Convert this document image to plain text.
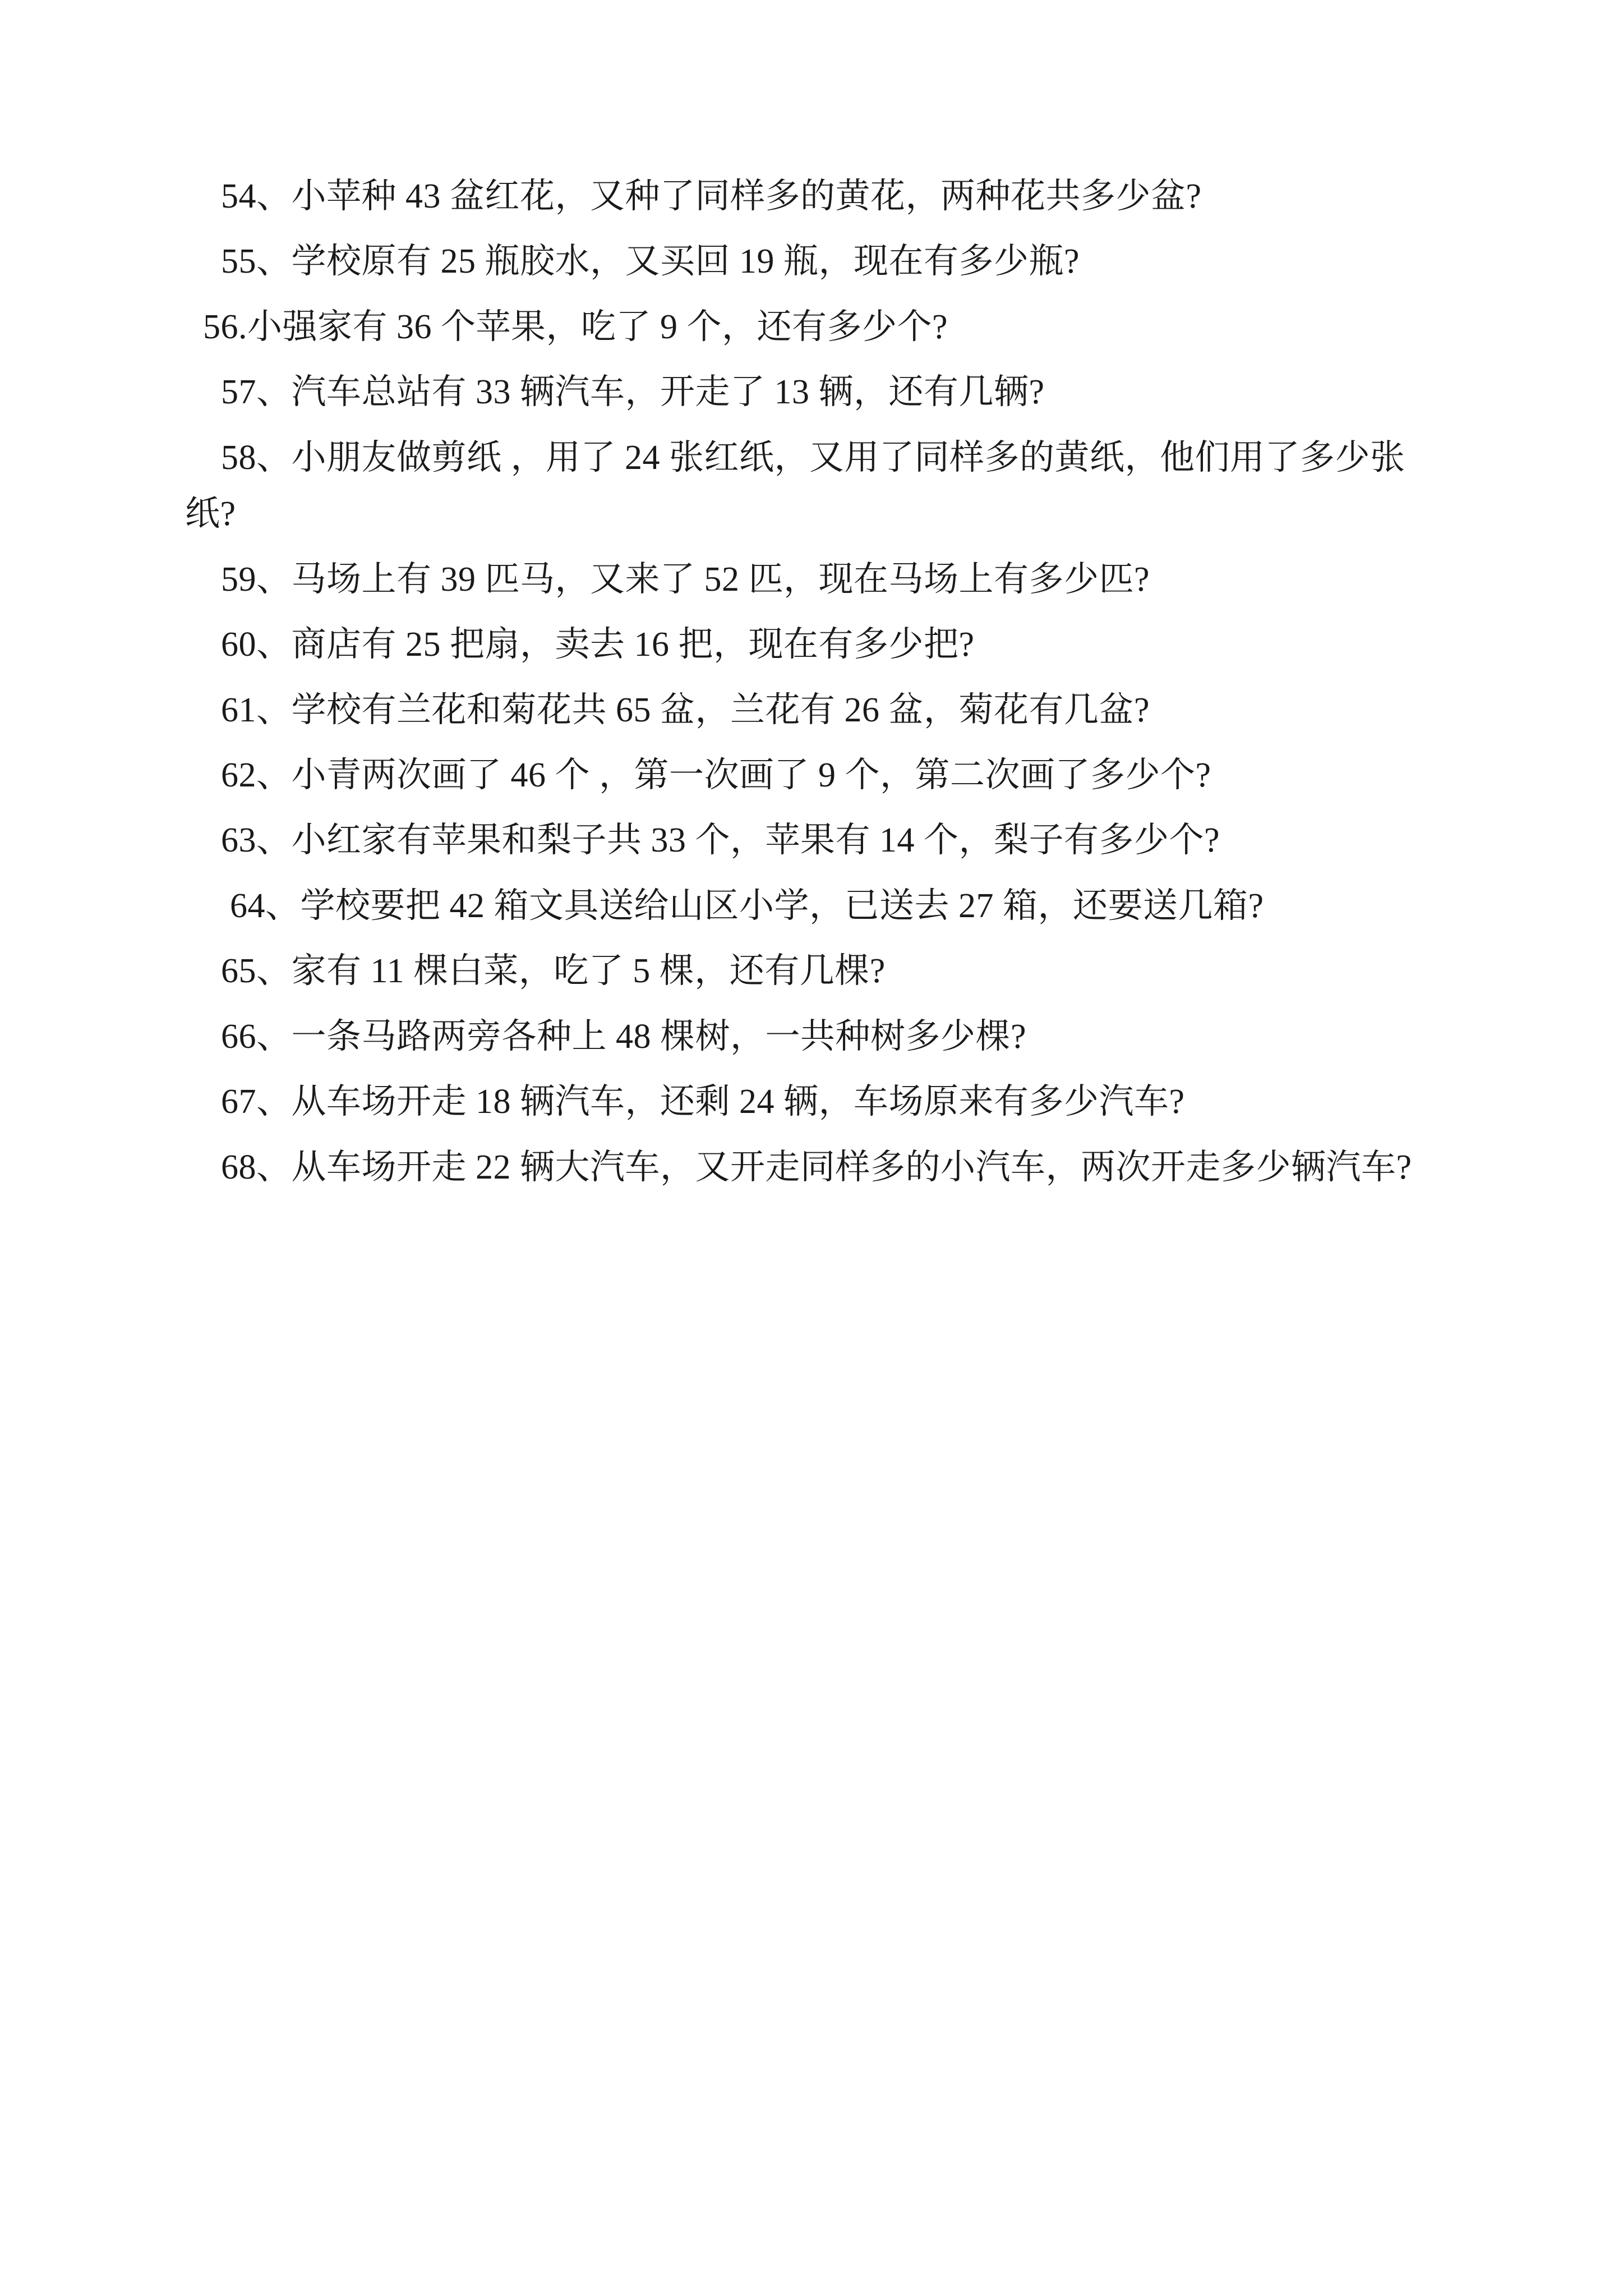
54、小苹种 43 盆红花，又种了同样多的黄花，两种花共多少盆?

55、学校原有 25 瓶胶水，又买回 19 瓶，现在有多少瓶?

56.小强家有 36 个苹果，吃了 9 个，还有多少个?

57、汽车总站有 33 辆汽车，开走了 13 辆，还有几辆?

58、小朋友做剪纸 ，用了 24 张红纸，又用了同样多的黄纸，他们用了多少张纸?

59、马场上有 39 匹马，又来了 52 匹，现在马场上有多少匹?

60、商店有 25 把扇，卖去 16 把，现在有多少把?

61、学校有兰花和菊花共 65 盆，兰花有 26 盆，菊花有几盆?

62、小青两次画了 46 个 ，第一次画了 9 个，第二次画了多少个?

63、小红家有苹果和梨子共 33 个，苹果有 14 个，梨子有多少个?

64、学校要把 42 箱文具送给山区小学，已送去 27 箱，还要送几箱?

65、家有 11 棵白菜，吃了 5 棵，还有几棵?

66、一条马路两旁各种上 48 棵树，一共种树多少棵?

67、从车场开走 18 辆汽车，还剩 24 辆，车场原来有多少汽车?

68、从车场开走 22 辆大汽车，又开走同样多的小汽车，两次开走多少辆汽车?
